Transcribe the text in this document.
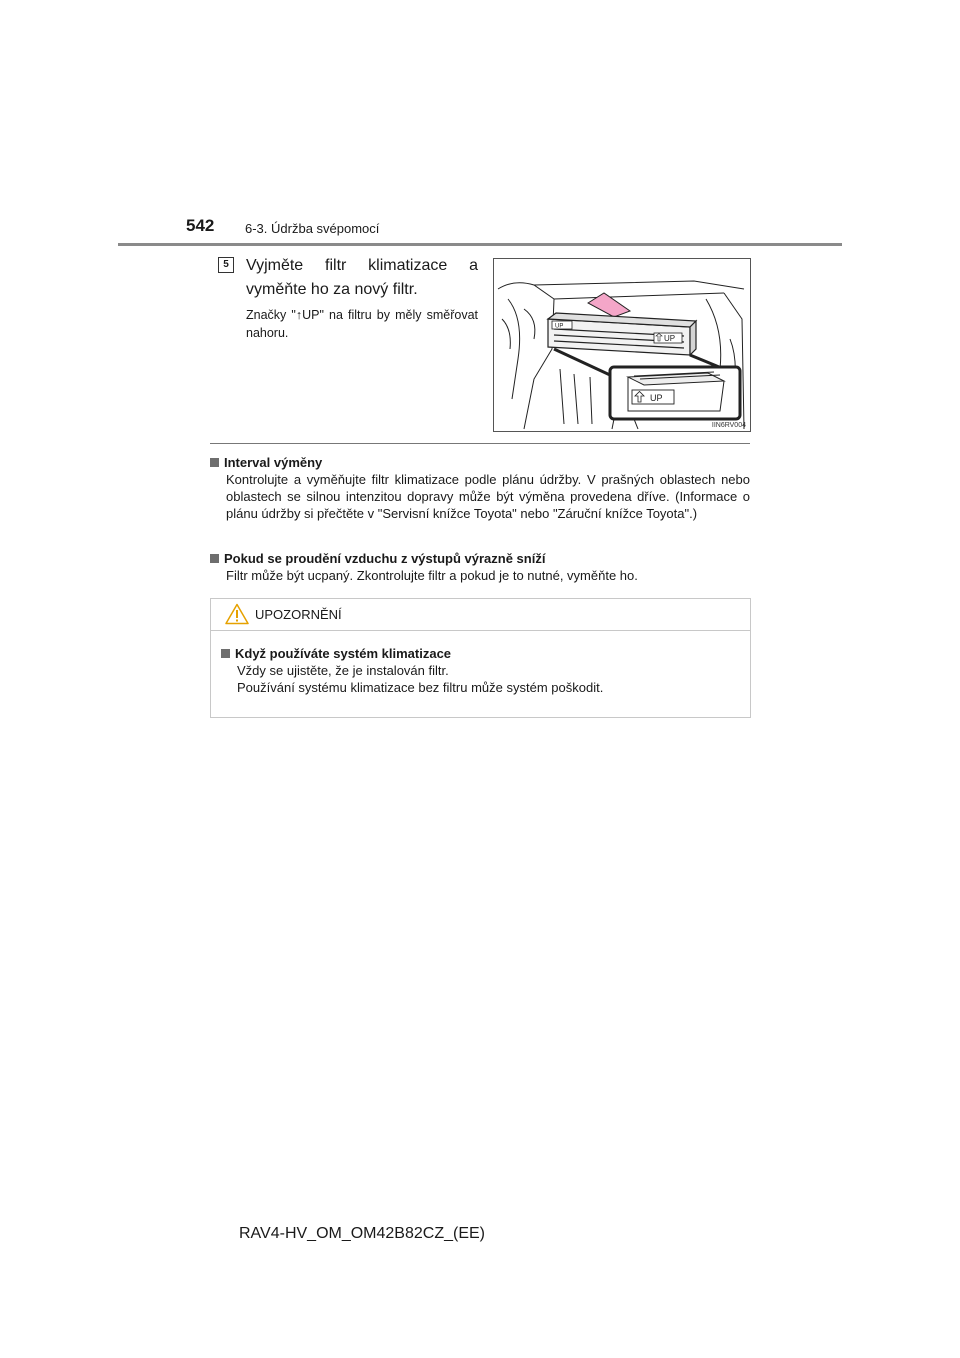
542 6-3. Údržba svépomocí
5	Vyjměte filtr klimatizace a vyměňte ho za nový filtr.
Značky "↑UP" na filtru by měly směřovat nahoru.	UP
UP
UP
IIN6RV004
Interval výměny
Kontrolujte a vyměňujte filtr klimatizace podle plánu údržby. V prašných oblastech nebo oblastech se silnou intenzitou dopravy může být výměna provedena dříve. (Informace o plánu údržby si přečtěte v "Servisní knížce Toyota" nebo "Záruční knížce Toyota".)
Pokud se proudění vzduchu z výstupů výrazně sníží
Filtr může být ucpaný. Zkontrolujte filtr a pokud je to nutné, vyměňte ho.
UPOZORNĚNÍ
Když používáte systém klimatizace
Vždy se ujistěte, že je instalován filtr.
Používání systému klimatizace bez filtru může systém poškodit.
RAV4-HV_OM_OM42B82CZ_(EE)
